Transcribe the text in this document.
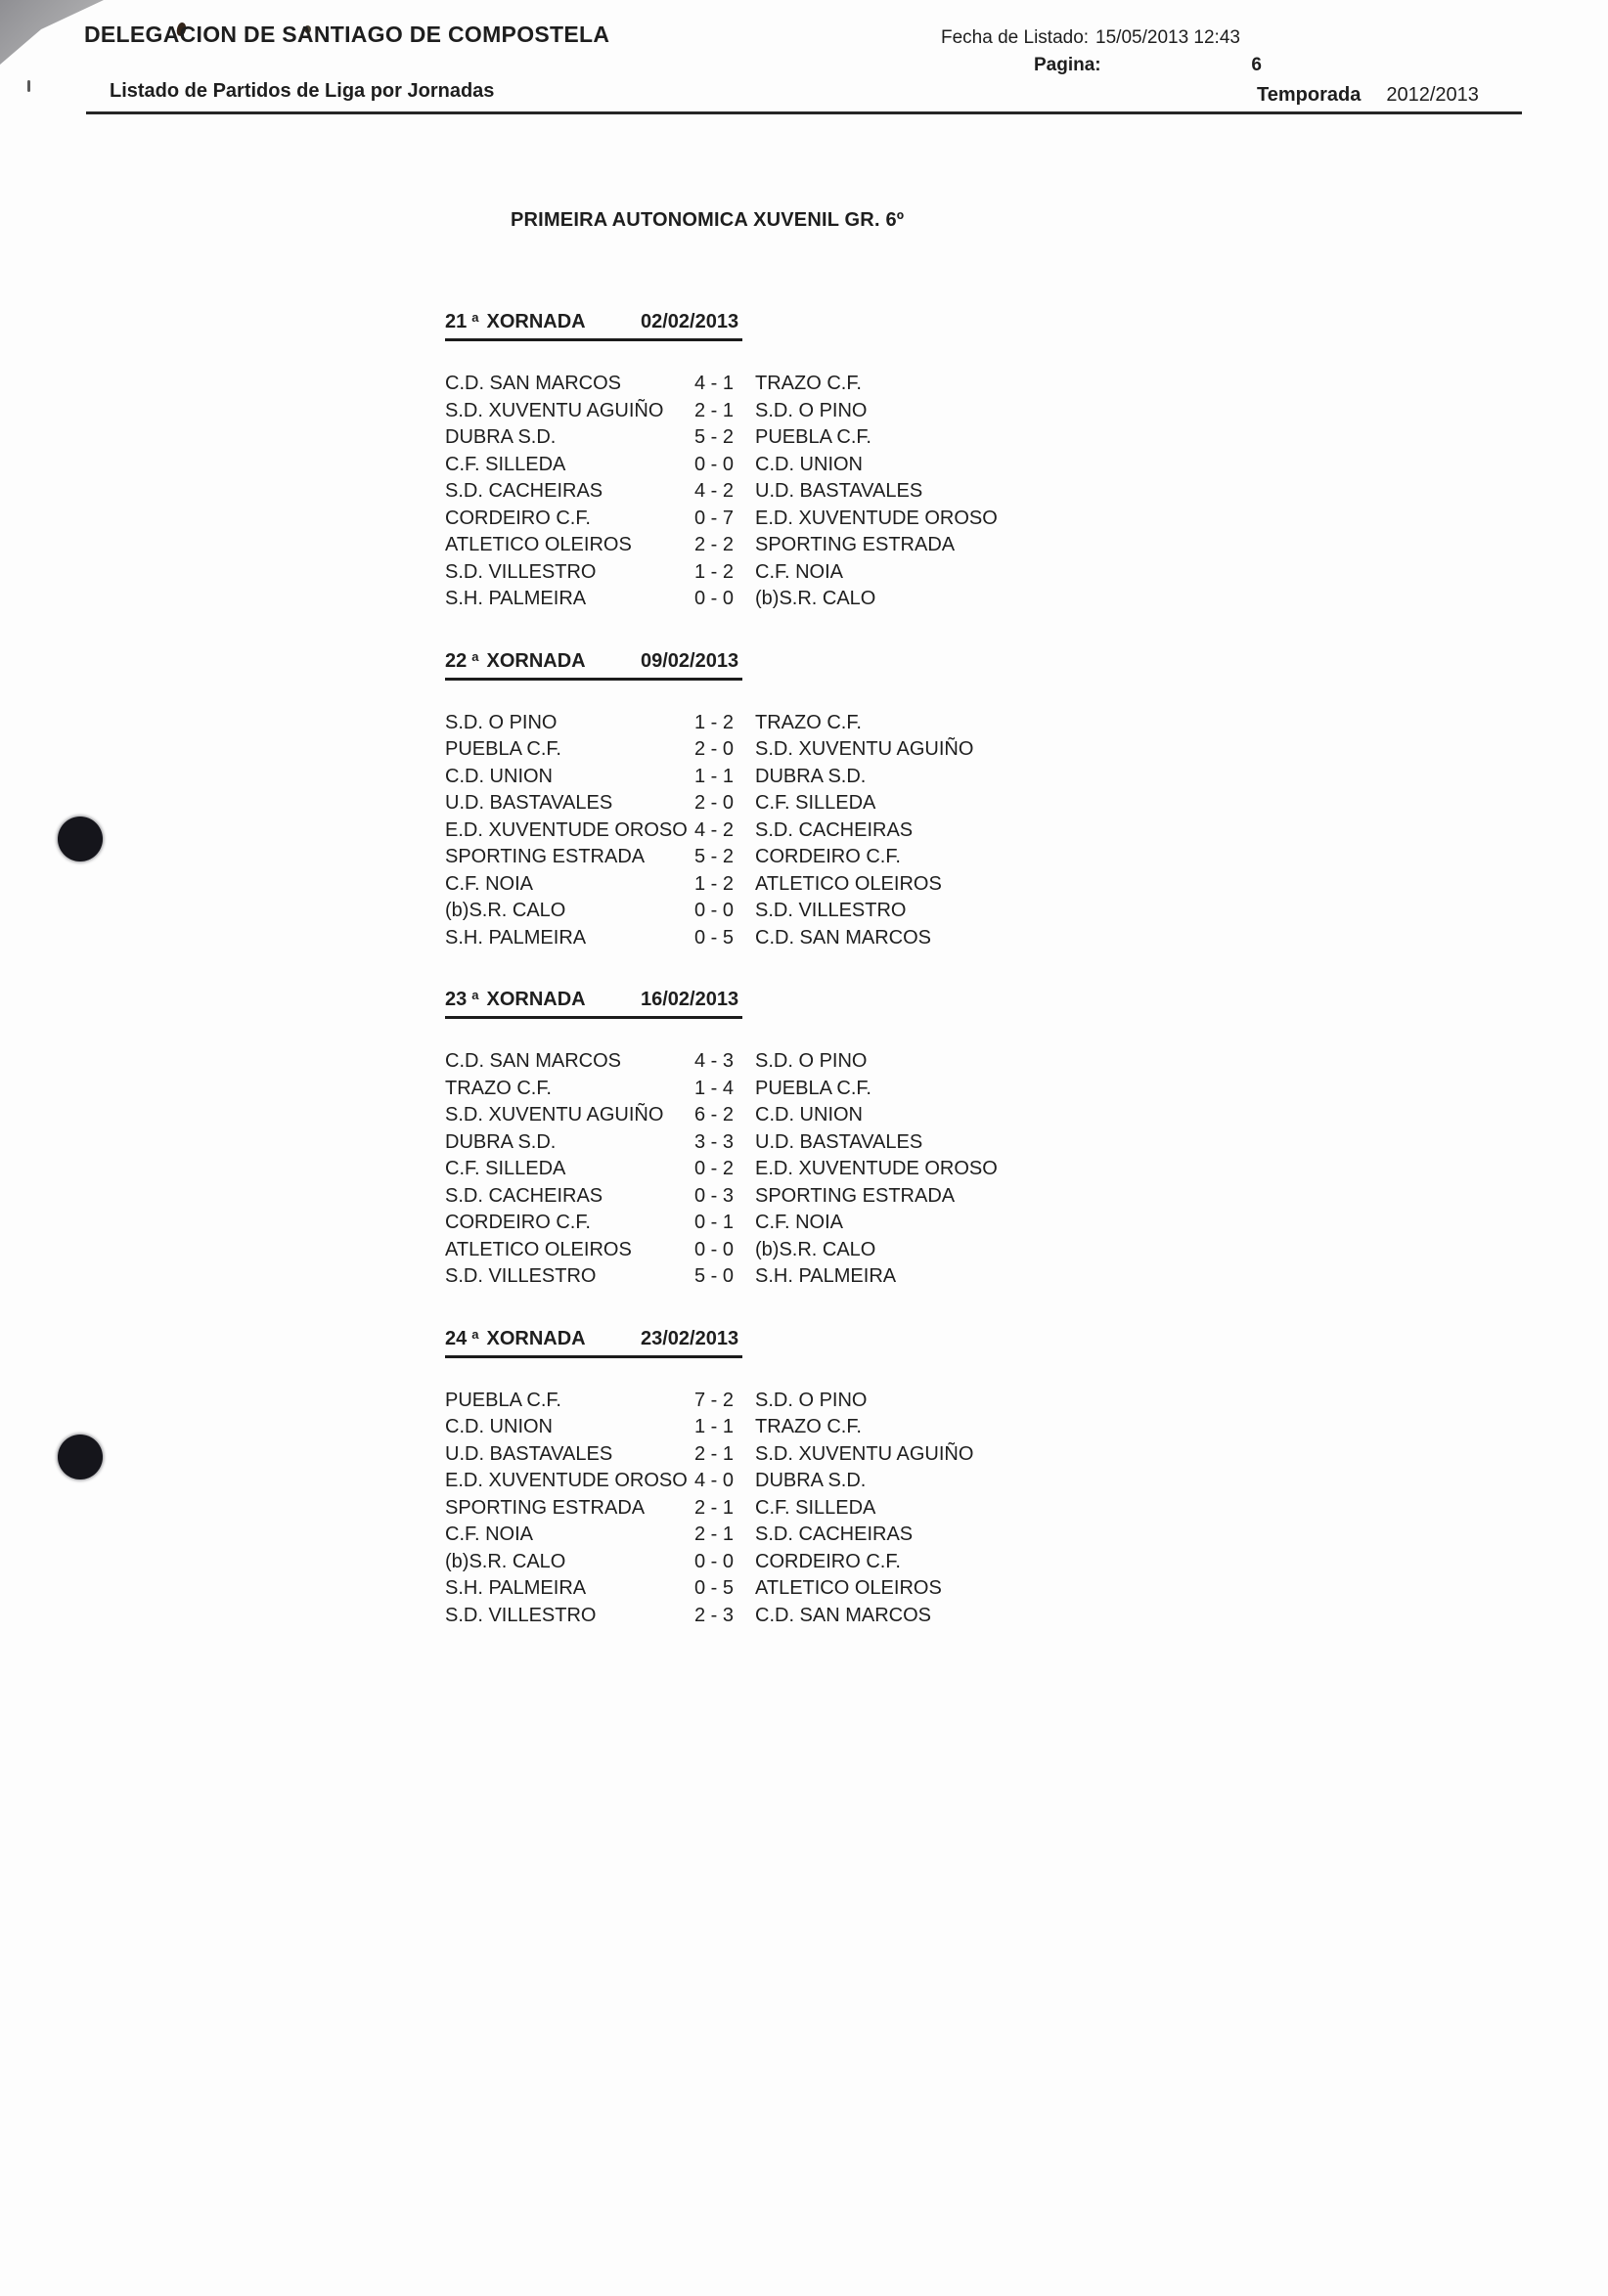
DELEGACION DE SANTIAGO DE COMPOSTELA	Fecha de Listado: 15/05/2013 12:43
Pagina:	6
Listado de Partidos de Liga por Jornadas	Temporada 2012/2013
PRIMEIRA AUTONOMICA XUVENIL GR. 6º
21 $^a$ XORNADA	02/02/2013
C.D. SAN MARCOS	4 - 1	TRAZO C.F.
S.D. XUVENTU AGUIÑO	2 - 1	S.D. O PINO
DUBRA S.D.	5 - 2	PUEBLA C.F.
C.F. SILLEDA	0 - 0	C.D. UNION
S.D. CACHEIRAS	4 - 2	U.D. BASTAVALES
CORDEIRO C.F.	0 - 7	E.D. XUVENTUDE OROSO
ATLETICO OLEIROS	2 - 2	SPORTING ESTRADA
S.D. VILLESTRO	1 - 2	C.F. NOIA
S.H. PALMEIRA	0 - 0	(b)S.R. CALO
22 $^a$ XORNADA	09/02/2013
S.D. O PINO	1 - 2	TRAZO C.F.
PUEBLA C.F.	2 - 0	S.D. XUVENTU AGUIÑO
C.D. UNION	1 - 1	DUBRA S.D.
U.D. BASTAVALES	2 - 0	C.F. SILLEDA
E.D. XUVENTUDE OROSO 4 - 2	S.D. CACHEIRAS
SPORTING ESTRADA	5 - 2	CORDEIRO C.F.
C.F. NOIA	1 - 2	ATLETICO OLEIROS
(b)S.R. CALO	0 - 0	S.D. VILLESTRO
S.H. PALMEIRA	0 - 5	C.D. SAN MARCOS
23 $^a$ XORNADA	16/02/2013
C.D. SAN MARCOS	4 - 3	S.D. O PINO
TRAZO C.F.	1 - 4	PUEBLA C.F.
S.D. XUVENTU AGUIÑO	6 - 2	C.D. UNION
DUBRA S.D.	3 - 3	U.D. BASTAVALES
C.F. SILLEDA	0 - 2	E.D. XUVENTUDE OROSO
S.D. CACHEIRAS	0 - 3	SPORTING ESTRADA
CORDEIRO C.F.	0 - 1	C.F. NOIA
ATLETICO OLEIROS	0 - 0	(b)S.R. CALO
S.D. VILLESTRO	5 - 0	S.H. PALMEIRA
24 $^a$ XORNADA	23/02/2013
PUEBLA C.F.	7 - 2	S.D. O PINO
C.D. UNION	1 - 1	TRAZO C.F.
U.D. BASTAVALES	2 - 1	S.D. XUVENTU AGUIÑO
E.D. XUVENTUDE OROSO 4 - 0	DUBRA S.D.
SPORTING ESTRADA	2 - 1	C.F. SILLEDA
C.F. NOIA	2 - 1	S.D. CACHEIRAS
(b)S.R. CALO	0 - 0	CORDEIRO C.F.
S.H. PALMEIRA	0 - 5	ATLETICO OLEIROS
S.D. VILLESTRO	2 - 3	C.D. SAN MARCOS
